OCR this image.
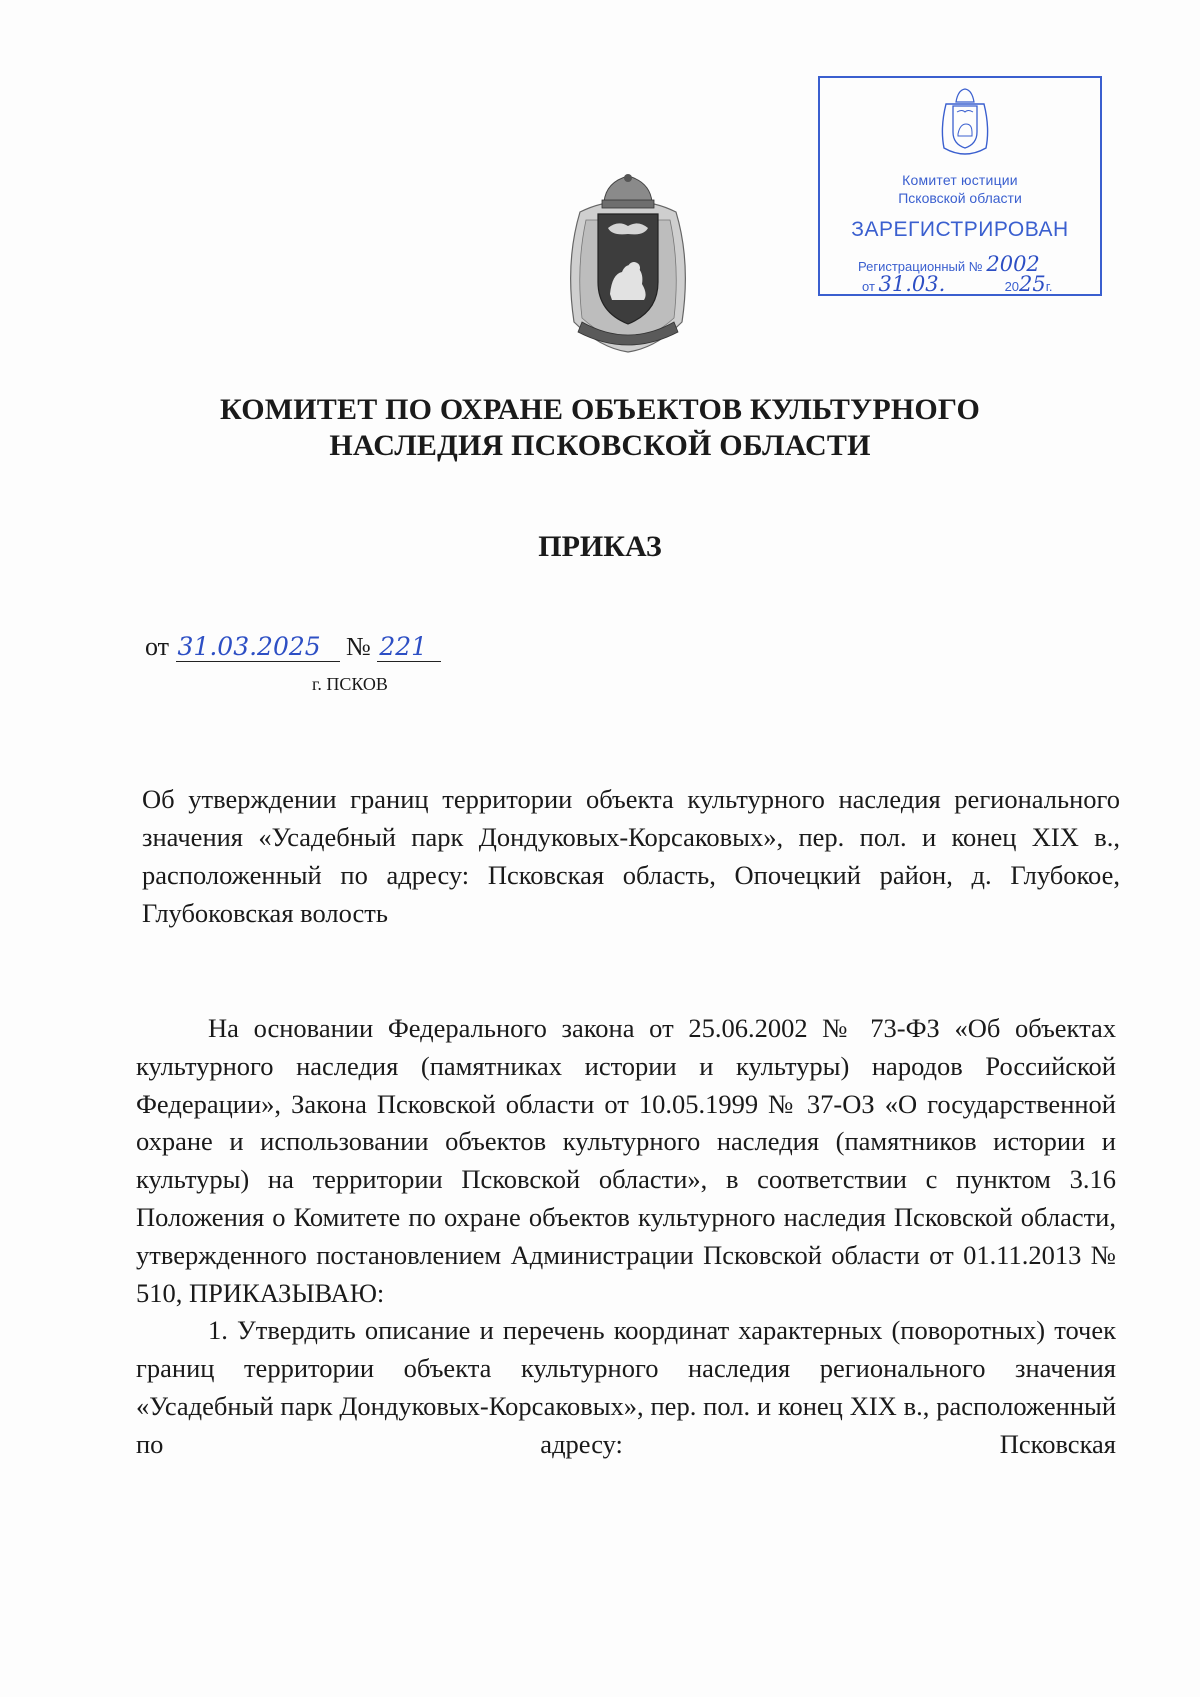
Комитет юстиции
Псковской области
ЗАРЕГИСТРИРОВАН
Регистрационный № 2002
от 31.03.	2025г.
КОМИТЕТ ПО ОХРАНЕ ОБЪЕКТОВ КУЛЬТУРНОГО
НАСЛЕДИЯ ПСКОВСКОЙ ОБЛАСТИ
ПРИКАЗ
от 31.03.2025 № 221
г. ПСКОВ
Об утверждении границ территории объекта культурного наследия регионального значения «Усадебный парк Дондуковых-Корсаковых», пер. пол. и конец XIX в., расположенный по адресу: Псковская область, Опочецкий район, д. Глубокое, Глубоковская волость

На основании Федерального закона от 25.06.2002 № 73-ФЗ «Об объектах культурного наследия (памятниках истории и культуры) народов Российской Федерации», Закона Псковской области от 10.05.1999 № 37-ОЗ «О государственной охране и использовании объектов культурного наследия (памятников истории и культуры) на территории Псковской области», в соответствии с пунктом 3.16 Положения о Комитете по охране объектов культурного наследия Псковской области, утвержденного постановлением Администрации Псковской области от 01.11.2013 № 510, ПРИКАЗЫВАЮ:

1. Утвердить описание и перечень координат характерных (поворотных) точек границ территории объекта культурного наследия регионального значения «Усадебный парк Дондуковых-Корсаковых», пер. пол. и конец XIX в., расположенный по адресу: Псковская
